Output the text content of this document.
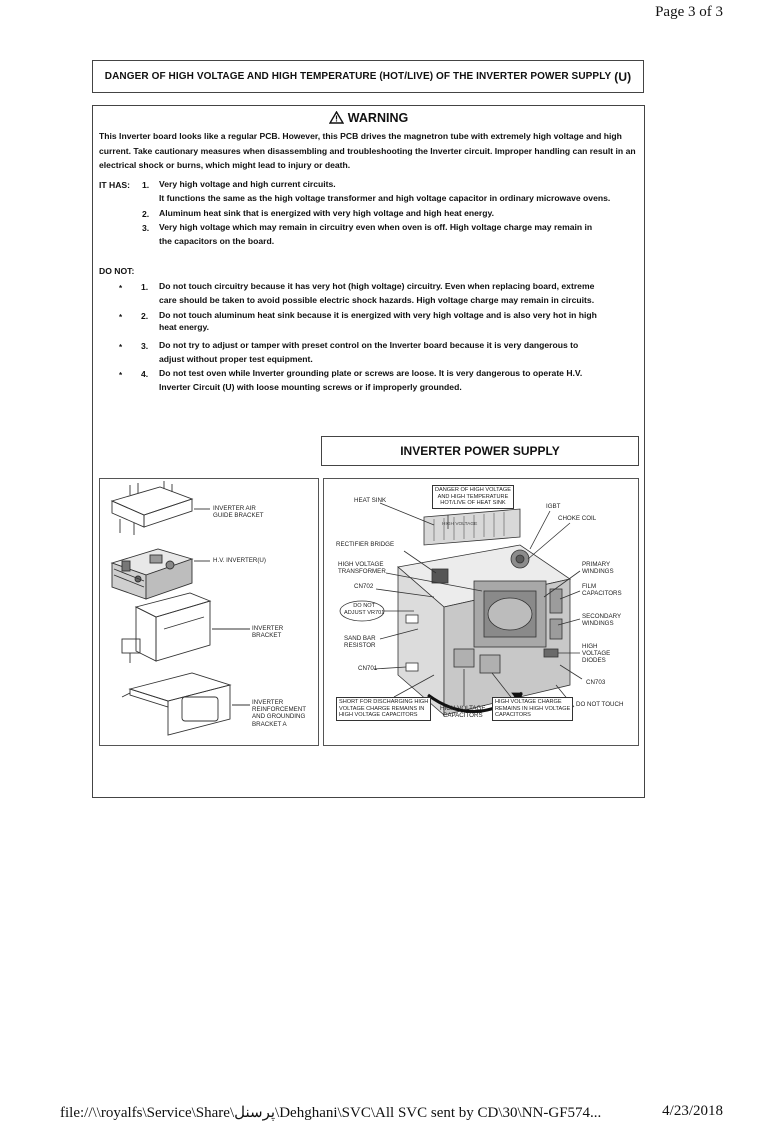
Page 3 of 3
DANGER OF HIGH VOLTAGE AND HIGH TEMPERATURE (HOT/LIVE) OF THE INVERTER POWER SUPPLY (U)
WARNING
This Inverter board looks like a regular PCB. However, this PCB drives the magnetron tube with extremely high voltage and high current. Take cautionary measures when disassembling and troubleshooting the Inverter circuit. Improper handling can result in an electrical shock or burns, which might lead to injury or death.
IT HAS: 1. Very high voltage and high current circuits.
It functions the same as the high voltage transformer and high voltage capacitor in ordinary microwave ovens.
2. Aluminum heat sink that is energized with very high voltage and high heat energy.
3. Very high voltage which may remain in circuitry even when oven is off. High voltage charge may remain in
the capacitors on the board.
DO NOT:
* 1. Do not touch circuitry because it has very hot (high voltage) circuitry. Even when replacing board, extreme
care should be taken to avoid possible electric shock hazards. High voltage charge may remain in circuits.
* 2. Do not touch aluminum heat sink because it is energized with very high voltage and is also very hot in high
heat energy.
* 3. Do not try to adjust or tamper with preset control on the Inverter board because it is very dangerous to
adjust without proper test equipment.
* 4. Do not test oven while Inverter grounding plate or screws are loose. It is very dangerous to operate H.V.
Inverter Circuit (U) with loose mounting screws or if improperly grounded.
INVERTER POWER SUPPLY
INVERTER AIR
GUIDE BRACKET
H.V. INVERTER(U)
INVERTER
BRACKET
INVERTER
REINFORCEMENT
AND GROUNDING
BRACKET A
HEAT SINK
DANGER OF HIGH VOLTAGE
AND HIGH TEMPERATURE
HOT/LIVE OF HEAT SINK	IGBT
CHOKE COIL
RECTIFIER BRIDGE
HIGH VOLTAGE
TRANSFORMER
PRIMARY
WINDINGS
CN702	FILM
CAPACITORS
DO NOT
ADJUST VR701
SECONDARY
WINDINGS
SAND BAR
RESISTOR	HIGH
VOLTAGE
DIODES
CN701
CN703
SHORT FOR DISCHARGING HIGH
VOLTAGE CHARGE REMAINS IN
HIGH VOLTAGE CAPACITORS
HIGH VOLTAGE
CAPACITORS
HIGH VOLTAGE CHARGE
REMAINS IN HIGH VOLTAGE
CAPACITORS
DO NOT TOUCH
HIGH VOLTAGE
file://\\royalfs\Service\Share\پرسنل\Dehghani\SVC\All SVC sent by CD\30\NN-GF574...	4/23/2018
